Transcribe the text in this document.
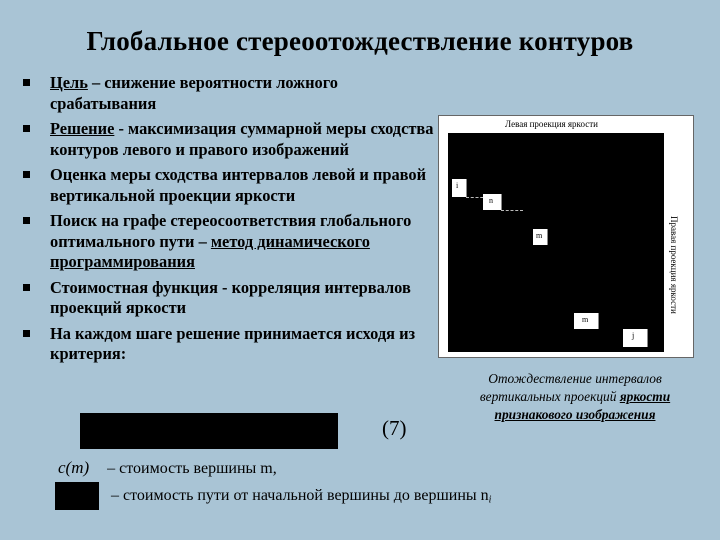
Глобальное стереоотождествление контуров
Цель – снижение вероятности ложного срабатывания
Решение - максимизация суммарной меры сходства контуров левого и правого изображений
Оценка меры сходства интервалов левой и правой вертикальной проекции яркости
Поиск на графе стереосоответствия глобального оптимального пути – метод динамического программирования
Стоимостная функция - корреляция интервалов проекций яркости
На каждом шаге решение принимается исходя из критерия:
Левая проекция яркости
i
n
m
m
j
Правая проекция яркости
Отождествление интервалов
вертикальных проекций яркости
признакового изображения
(7)
c(m) – стоимость вершины m,
– стоимость пути от начальной вершины до вершины $n_i$
